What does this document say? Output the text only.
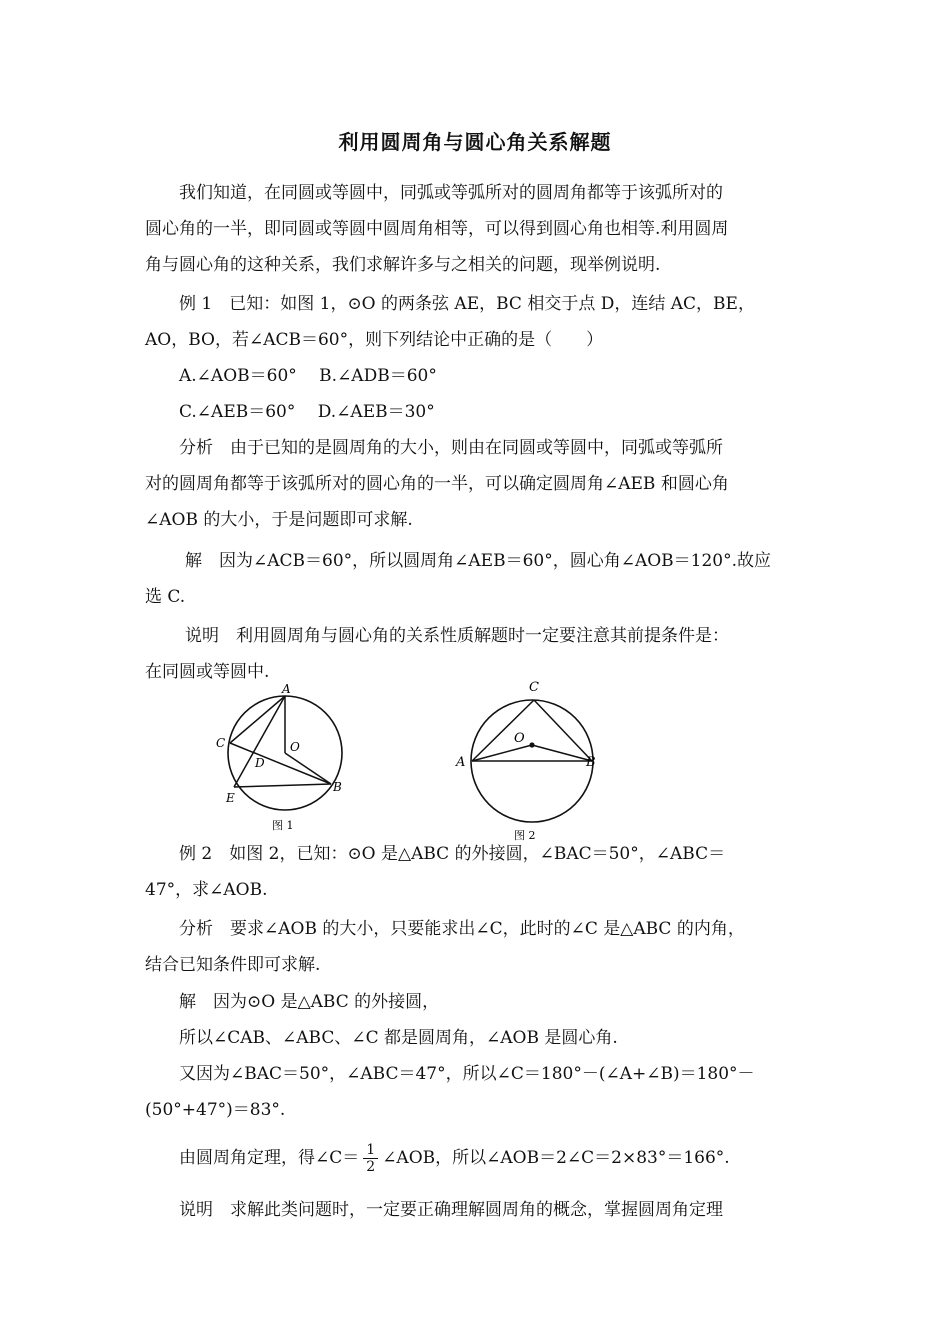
利用圆周角与圆心角关系解题
我们知道，在同圆或等圆中，同弧或等弧所对的圆周角都等于该弧所对的
圆心角的一半，即同圆或等圆中圆周角相等，可以得到圆心角也相等.利用圆周
角与圆心角的这种关系，我们求解许多与之相关的问题，现举例说明.
例 1　已知：如图 1，⊙O 的两条弦 AE，BC 相交于点 D，连结 AC，BE，
AO，BO，若∠ACB＝60°，则下列结论中正确的是（　　）
A.∠AOB＝60°　 B.∠ADB＝60°
C.∠AEB＝60°　 D.∠AEB＝30°
分析　由于已知的是圆周角的大小，则由在同圆或等圆中，同弧或等弧所
对的圆周角都等于该弧所对的圆心角的一半，可以确定圆周角∠AEB 和圆心角
∠AOB 的大小，于是问题即可求解.
解　因为∠ACB＝60°，所以圆周角∠AEB＝60°，圆心角∠AOB＝120°.故应
选 C.
说明　利用圆周角与圆心角的关系性质解题时一定要注意其前提条件是：
在同圆或等圆中.
A
C	O
D
E
B
图 1
C
O
A	B
图 2
例 2　如图 2，已知：⊙O 是△ABC 的外接圆，∠BAC＝50°，∠ABC＝
47°，求∠AOB.
分析　要求∠AOB 的大小，只要能求出∠C，此时的∠C 是△ABC 的内角，
结合已知条件即可求解.
解　因为⊙O 是△ABC 的外接圆，
所以∠CAB、∠ABC、∠C 都是圆周角，∠AOB 是圆心角.
又因为∠BAC＝50°，∠ABC＝47°，所以∠C＝180°－(∠A+∠B)＝180°－
(50°+47°)＝83°.
由圆周角定理，得∠C＝ $\frac{1}{2}$ ∠AOB，所以∠AOB＝2∠C＝2×83°＝166°.
说明　求解此类问题时，一定要正确理解圆周角的概念，掌握圆周角定理
